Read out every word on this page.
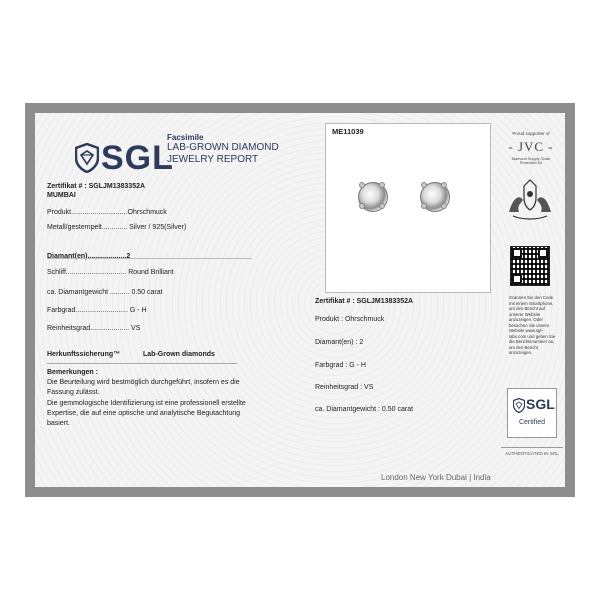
SGL
Facsimile
LAB-GROWN DIAMOND
JEWELRY REPORT
Zertifikat # : SGLJM1383352A
MUMBAI
Produkt.............................Ohrschmuck
Metall/gestempelt............. Silver / 925(Silver)
Diamant(en)....................2
Schliff............................... Round Brilliant
ca. Diamantgewicht .......... 0.50 carat
Farbgrad........................... G - H
Reinheitsgrad.................... VS
Herkunftssicherung™	Lab-Grown diamonds
Bemerkungen :
Die Beurteilung wird bestmöglich durchgeführt, insofern es die
Fassung zulässt.
Die gemmologische Identifizierung ist eine professionell erstellte
Expertise, die auf eine optische und analytische Begutachtung
basiert.
ME11039
Zertifikat # : SGLJM1383352A
Produkt : Ohrschmuck
Diamant(en) : 2
Farbgrad : G - H
Reinheitsgrad : VS
ca. Diamantgewicht : 0.50 carat
Proud supporter of
- JVC -
Diamond Supply Chain Protection Kit
Scannen Sie den Code mit einem Smartphone, um den Bericht auf unserer Website anzuzeigen. Oder besuchen Sie unsere Website www.sgl-labs.com und geben Sie die Berichtsnummer an, um den Bericht anzuzeigen.
SGL
Certified
AUTHENTICATED IN SGL
London New York Dubai | India
